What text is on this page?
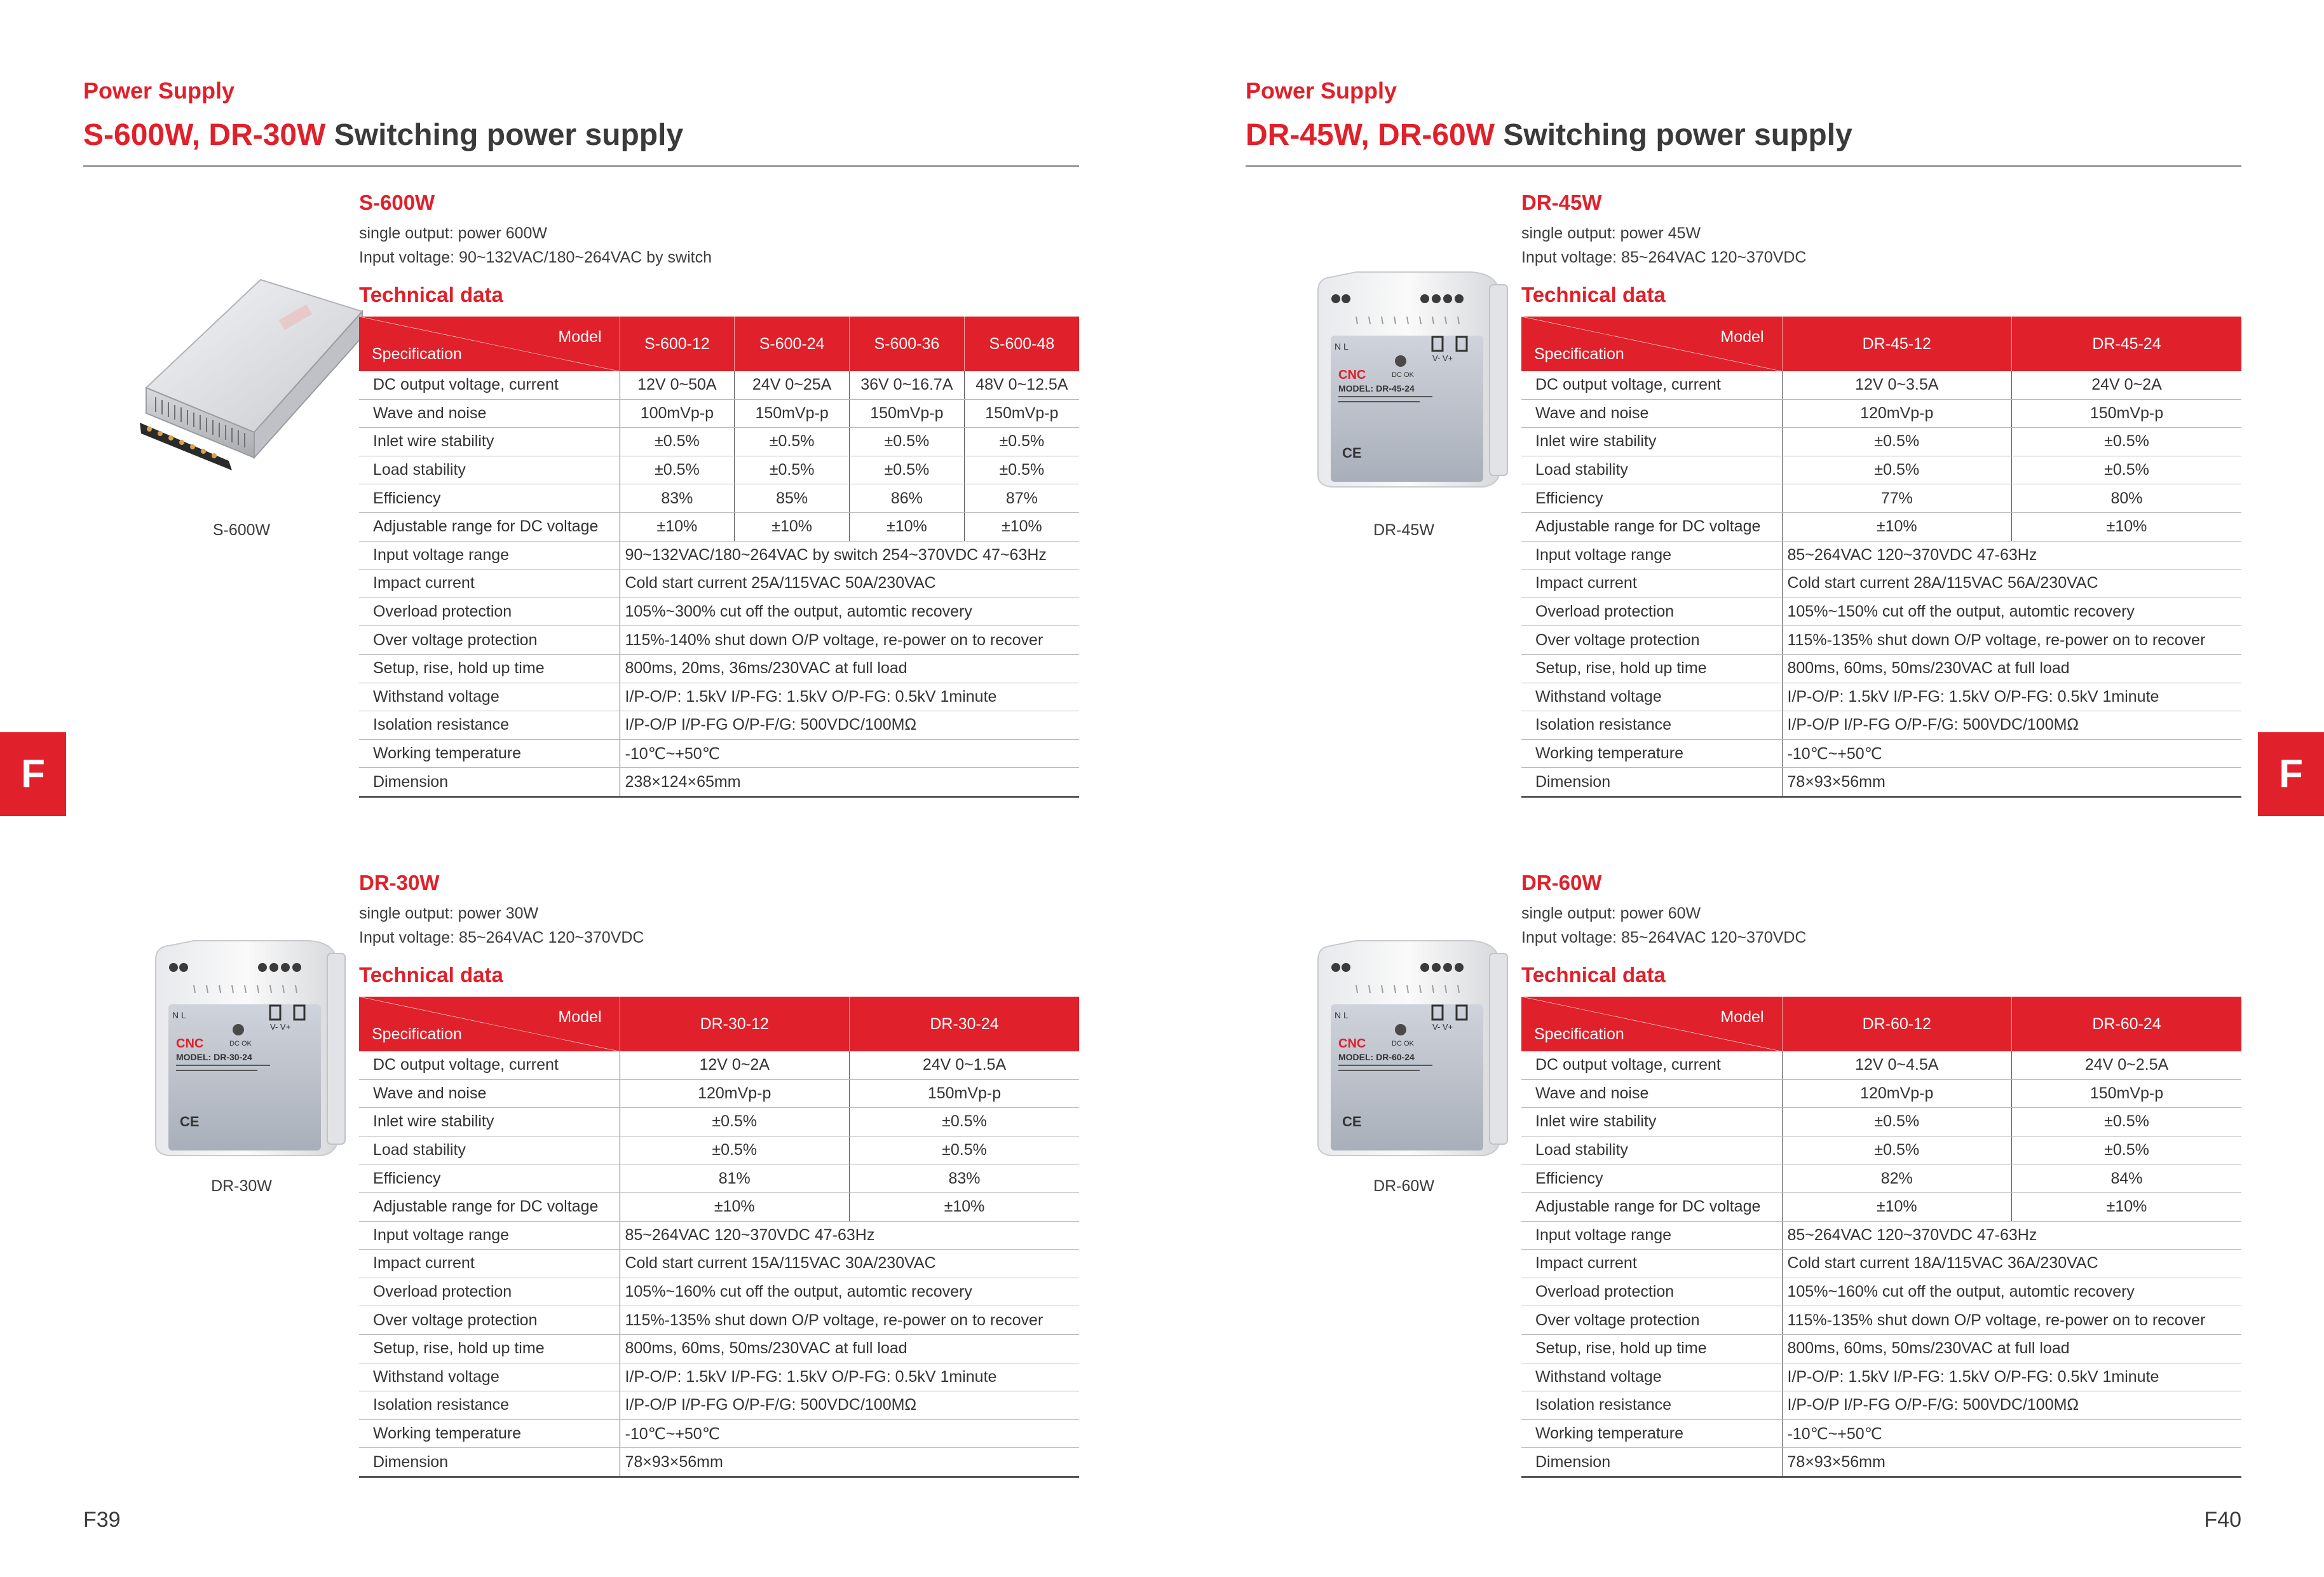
Power Supply
S-600W, DR-30W Switching power supply
S-600W
single output: power 600W
Input voltage: 90~132VAC/180~264VAC by switch
Technical data
S-600W
Model
Specification	S-600-12	S-600-24	S-600-36	S-600-48
DC output voltage, current	12V 0~50A	24V 0~25A	36V 0~16.7A	48V 0~12.5A
Wave and noise	100mVp-p	150mVp-p	150mVp-p	150mVp-p
Inlet wire stability	±0.5%	±0.5%	±0.5%	±0.5%
Load stability	±0.5%	±0.5%	±0.5%	±0.5%
Efficiency	83%	85%	86%	87%
Adjustable range for DC voltage	±10%	±10%	±10%	±10%
Input voltage range	90~132VAC/180~264VAC by switch 254~370VDC 47~63Hz			
Impact current	Cold start current 25A/115VAC 50A/230VAC			
Overload protection	105%~300% cut off the output, automtic recovery			
Over voltage protection	115%-140% shut down O/P voltage, re-power on to recover			
Setup, rise, hold up time	800ms, 20ms, 36ms/230VAC at full load			
Withstand voltage	I/P-O/P: 1.5kV I/P-FG: 1.5kV O/P-FG: 0.5kV 1minute			
Isolation resistance	I/P-O/P I/P-FG O/P-F/G: 500VDC/100MΩ			
Working temperature	-10℃~+50℃			
Dimension	238×124×65mm			
DR-30W
single output: power 30W
Input voltage: 85~264VAC 120~370VDC
Technical data
N L
V- V+
DC OK
CNC
MODEL: DR-30-24
CE
DR-30W
Model
Specification	DR-30-12	DR-30-24
DC output voltage, current	12V 0~2A	24V 0~1.5A
Wave and noise	120mVp-p	150mVp-p
Inlet wire stability	±0.5%	±0.5%
Load stability	±0.5%	±0.5%
Efficiency	81%	83%
Adjustable range for DC voltage	±10%	±10%
Input voltage range	85~264VAC 120~370VDC 47-63Hz	
Impact current	Cold start current 15A/115VAC 30A/230VAC	
Overload protection	105%~160% cut off the output, automtic recovery	
Over voltage protection	115%-135% shut down O/P voltage, re-power on to recover	
Setup, rise, hold up time	800ms, 60ms, 50ms/230VAC at full load	
Withstand voltage	I/P-O/P: 1.5kV I/P-FG: 1.5kV O/P-FG: 0.5kV 1minute	
Isolation resistance	I/P-O/P I/P-FG O/P-F/G: 500VDC/100MΩ	
Working temperature	-10℃~+50℃	
Dimension	78×93×56mm	
F
F39
Power Supply
DR-45W, DR-60W Switching power supply
DR-45W
single output: power 45W
Input voltage: 85~264VAC 120~370VDC
Technical data
N L
V- V+
DC OK
CNC
MODEL: DR-45-24
CE
DR-45W
Model
Specification	DR-45-12	DR-45-24
DC output voltage, current	12V 0~3.5A	24V 0~2A
Wave and noise	120mVp-p	150mVp-p
Inlet wire stability	±0.5%	±0.5%
Load stability	±0.5%	±0.5%
Efficiency	77%	80%
Adjustable range for DC voltage	±10%	±10%
Input voltage range	85~264VAC 120~370VDC 47-63Hz	
Impact current	Cold start current 28A/115VAC 56A/230VAC	
Overload protection	105%~150% cut off the output, automtic recovery	
Over voltage protection	115%-135% shut down O/P voltage, re-power on to recover	
Setup, rise, hold up time	800ms, 60ms, 50ms/230VAC at full load	
Withstand voltage	I/P-O/P: 1.5kV I/P-FG: 1.5kV O/P-FG: 0.5kV 1minute	
Isolation resistance	I/P-O/P I/P-FG O/P-F/G: 500VDC/100MΩ	
Working temperature	-10℃~+50℃	
Dimension	78×93×56mm	
DR-60W
single output: power 60W
Input voltage: 85~264VAC 120~370VDC
Technical data
N L
V- V+
DC OK
CNC
MODEL: DR-60-24
CE
DR-60W
Model
Specification	DR-60-12	DR-60-24
DC output voltage, current	12V 0~4.5A	24V 0~2.5A
Wave and noise	120mVp-p	150mVp-p
Inlet wire stability	±0.5%	±0.5%
Load stability	±0.5%	±0.5%
Efficiency	82%	84%
Adjustable range for DC voltage	±10%	±10%
Input voltage range	85~264VAC 120~370VDC 47-63Hz	
Impact current	Cold start current 18A/115VAC 36A/230VAC	
Overload protection	105%~160% cut off the output, automtic recovery	
Over voltage protection	115%-135% shut down O/P voltage, re-power on to recover	
Setup, rise, hold up time	800ms, 60ms, 50ms/230VAC at full load	
Withstand voltage	I/P-O/P: 1.5kV I/P-FG: 1.5kV O/P-FG: 0.5kV 1minute	
Isolation resistance	I/P-O/P I/P-FG O/P-F/G: 500VDC/100MΩ	
Working temperature	-10℃~+50℃	
Dimension	78×93×56mm	
F
F40
